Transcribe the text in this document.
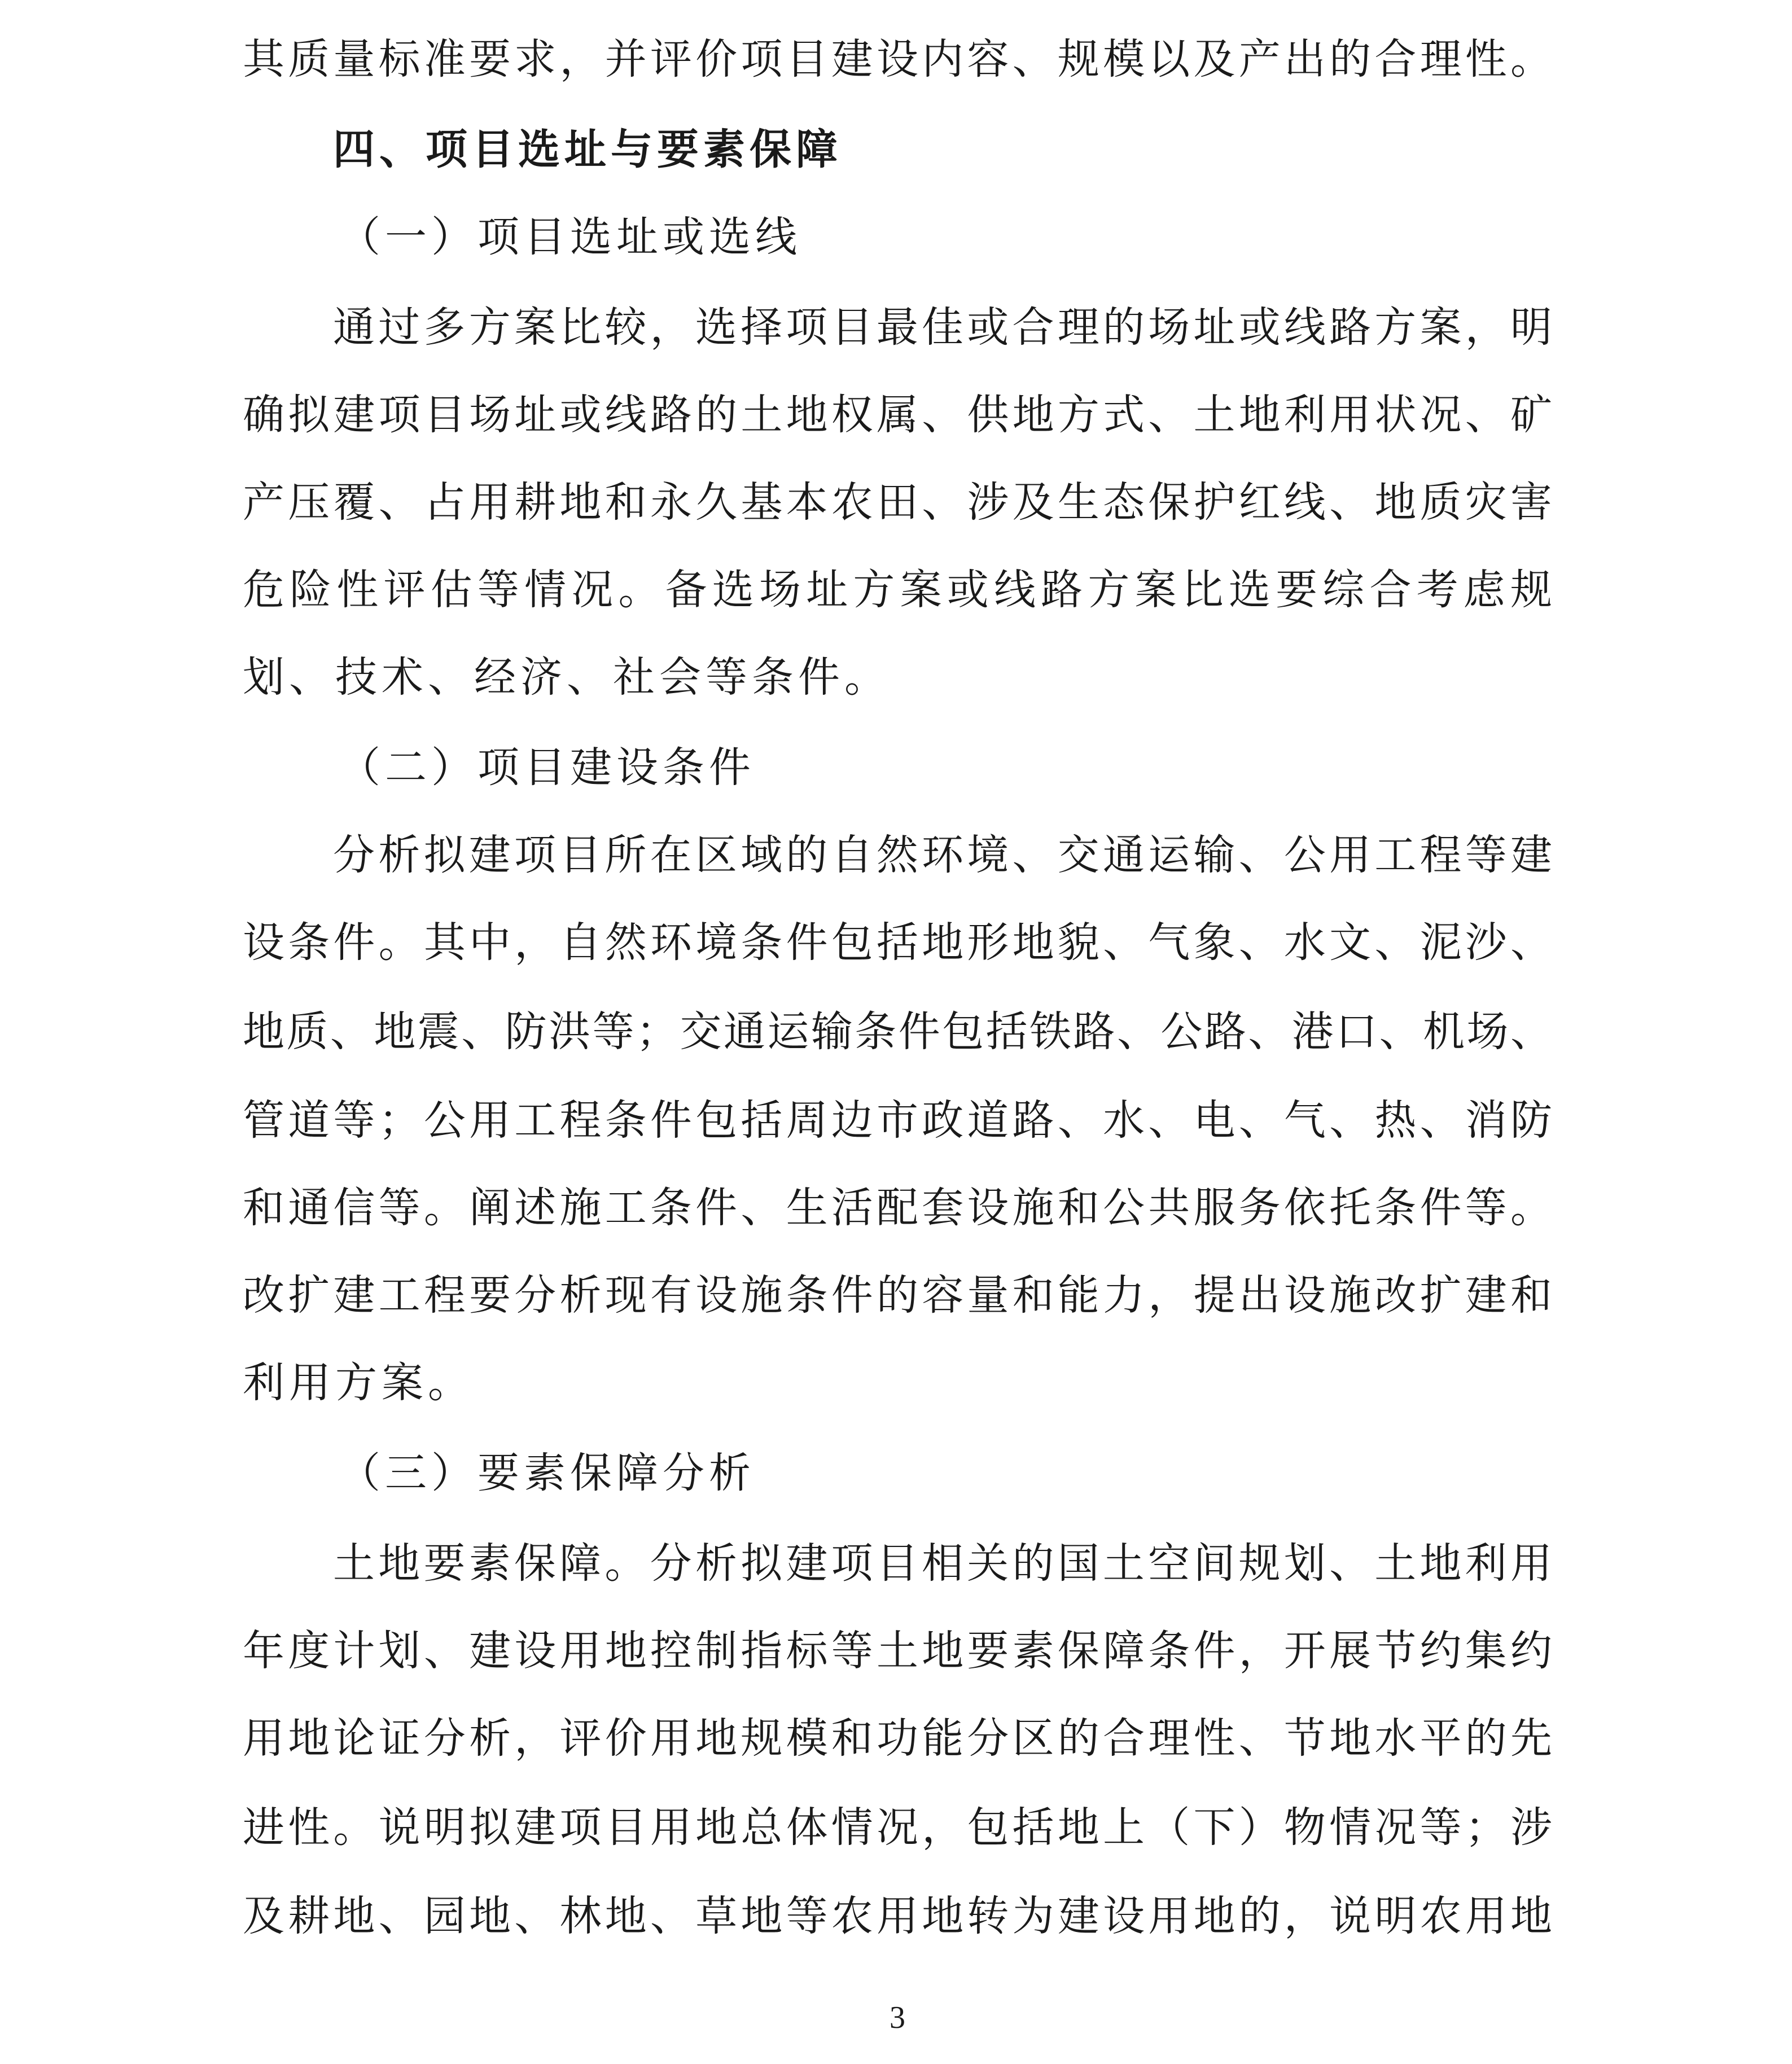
其质量标准要求，并评价项目建设内容、规模以及产出的合理性。
四、项目选址与要素保障
（一）项目选址或选线
通过多方案比较，选择项目最佳或合理的场址或线路方案，明
确拟建项目场址或线路的土地权属、供地方式、土地利用状况、矿
产压覆、占用耕地和永久基本农田、涉及生态保护红线、地质灾害
危险性评估等情况。备选场址方案或线路方案比选要综合考虑规
划、技术、经济、社会等条件。
（二）项目建设条件
分析拟建项目所在区域的自然环境、交通运输、公用工程等建
设条件。其中，自然环境条件包括地形地貌、气象、水文、泥沙、
地质、地震、防洪等；交通运输条件包括铁路、公路、港口、机场、
管道等；公用工程条件包括周边市政道路、水、电、气、热、消防
和通信等。阐述施工条件、生活配套设施和公共服务依托条件等。
改扩建工程要分析现有设施条件的容量和能力，提出设施改扩建和
利用方案。
（三）要素保障分析
土地要素保障。分析拟建项目相关的国土空间规划、土地利用
年度计划、建设用地控制指标等土地要素保障条件，开展节约集约
用地论证分析，评价用地规模和功能分区的合理性、节地水平的先
进性。说明拟建项目用地总体情况，包括地上（下）物情况等；涉
及耕地、园地、林地、草地等农用地转为建设用地的，说明农用地
3
